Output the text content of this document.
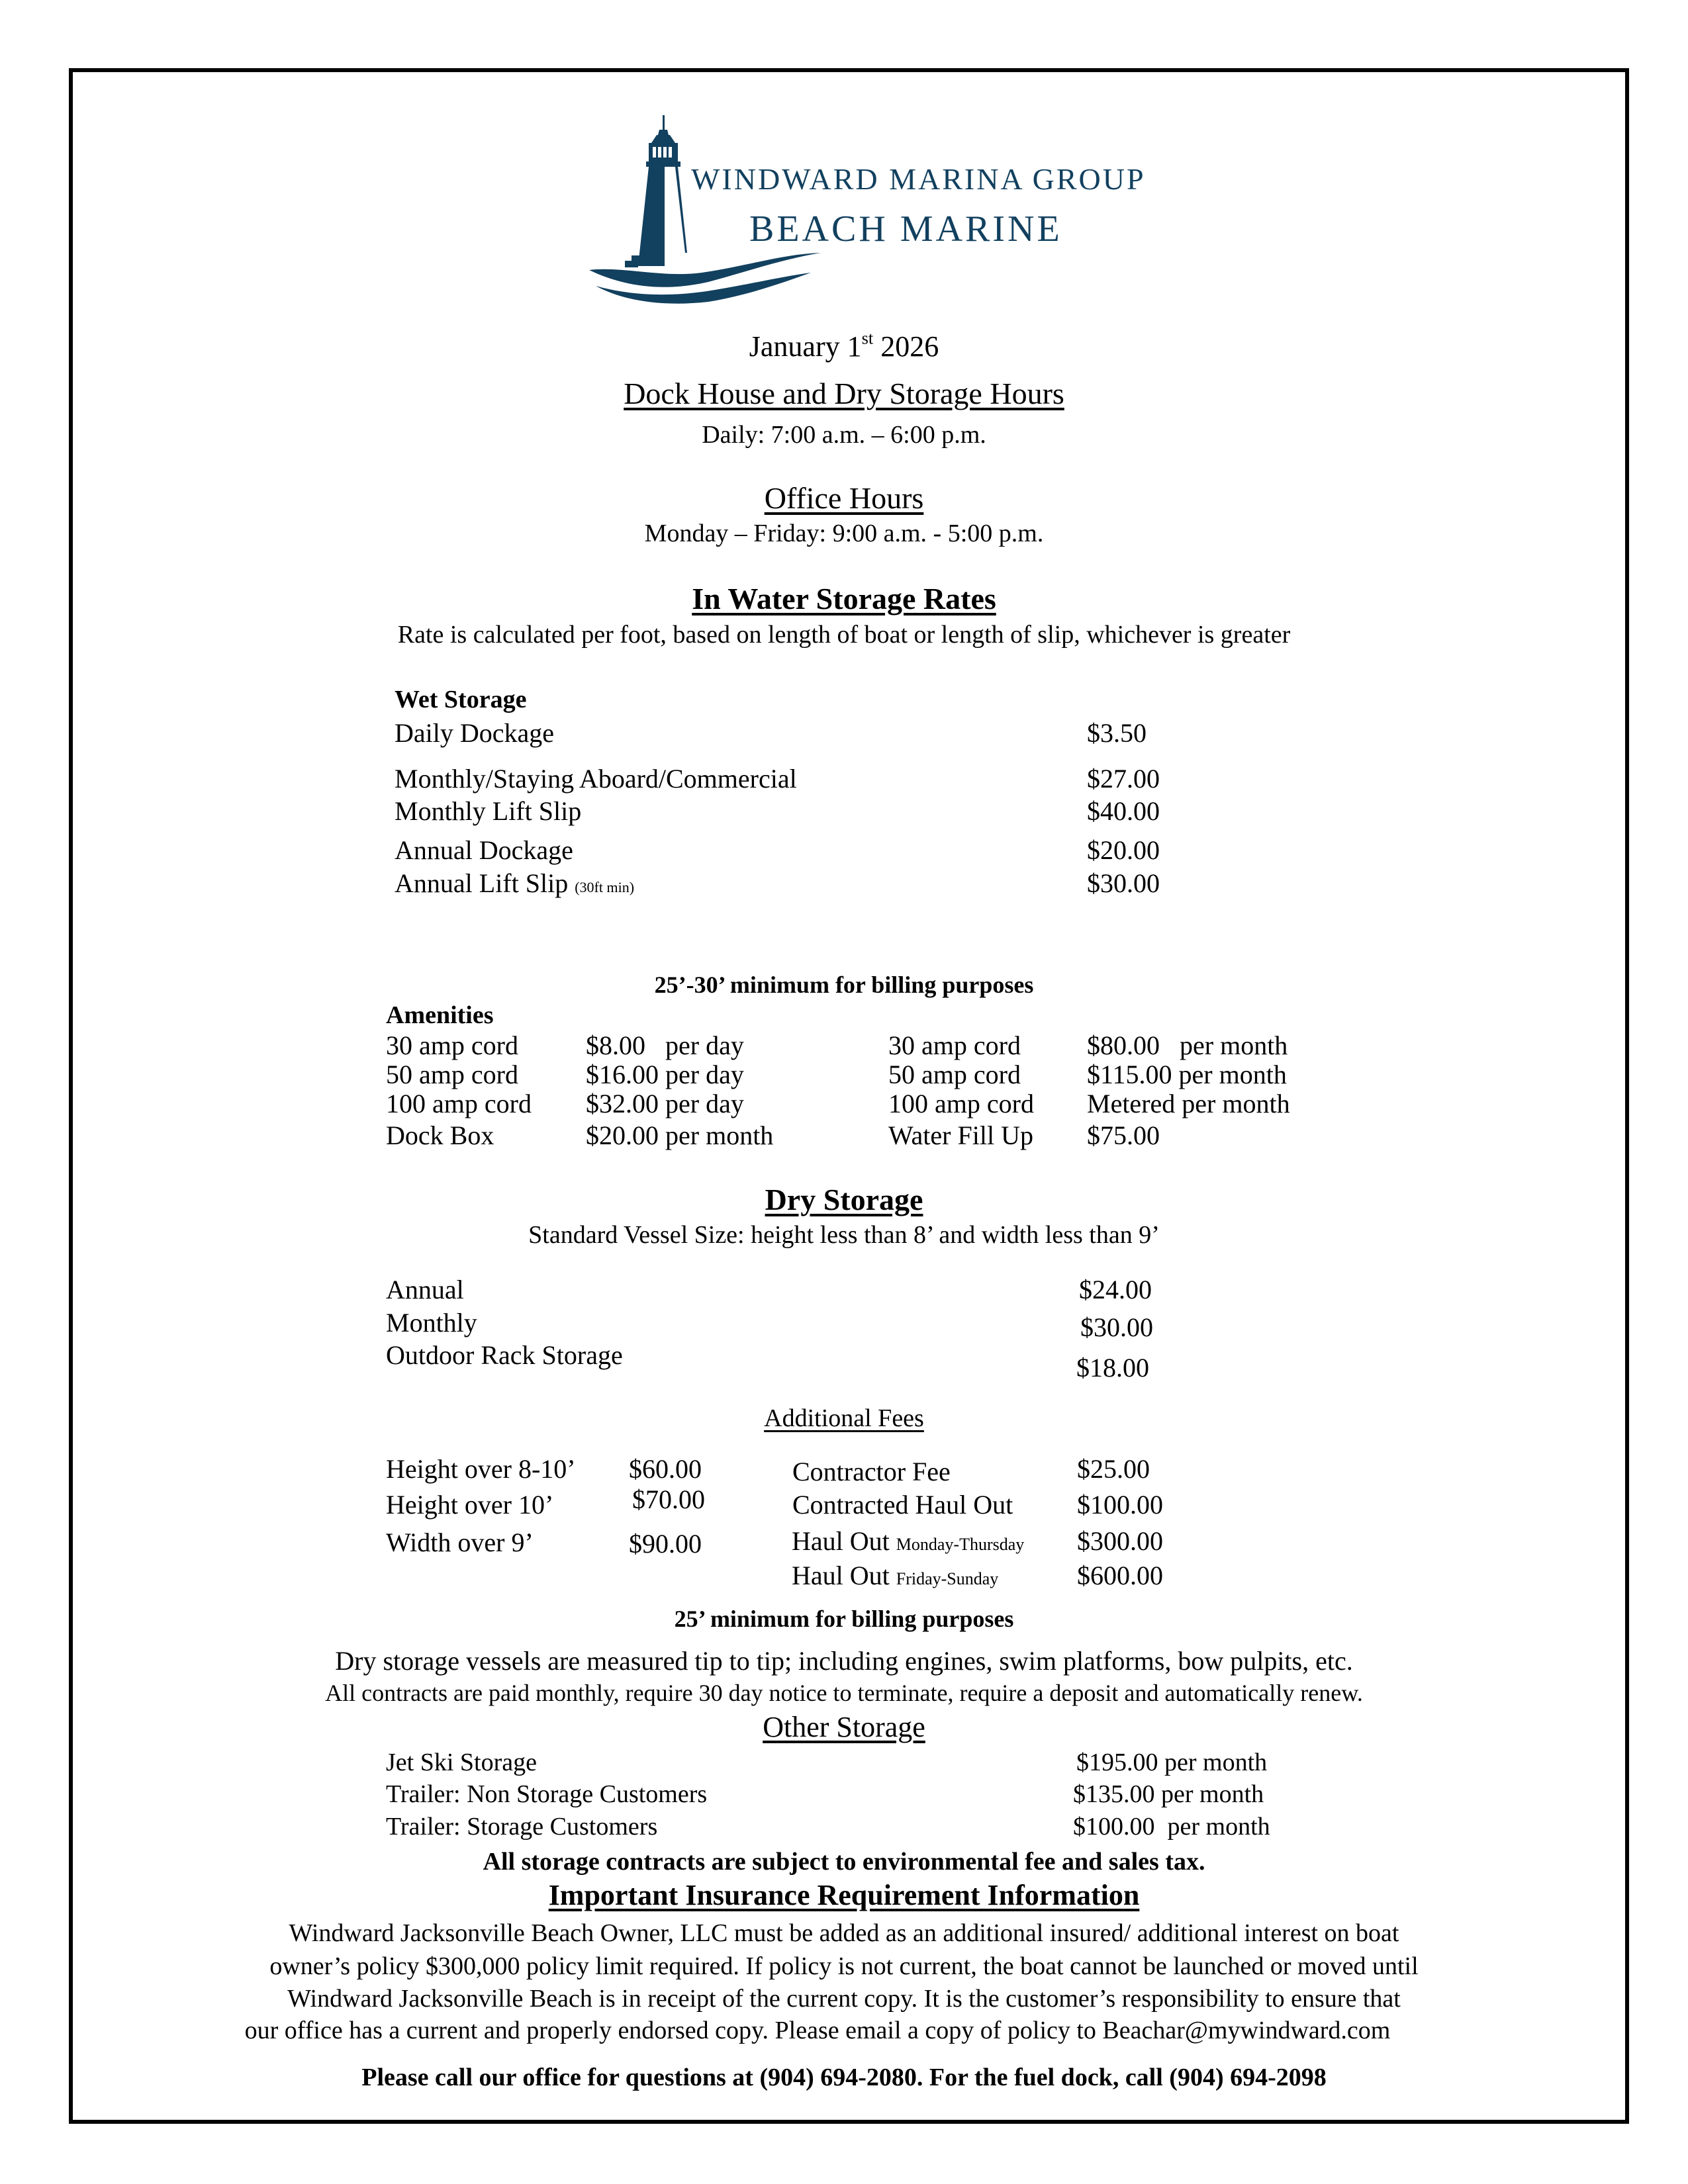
WINDWARD MARINA GROUP
BEACH MARINE
January 1st 2026
Dock House and Dry Storage Hours
Daily: 7:00 a.m. – 6:00 p.m.
Office Hours
Monday – Friday: 9:00 a.m. - 5:00 p.m.
In Water Storage Rates
Rate is calculated per foot, based on length of boat or length of slip, whichever is greater
Wet Storage
Daily Dockage	$3.50
Monthly/Staying Aboard/Commercial	$27.00
Monthly Lift Slip	$40.00
Annual Dockage	$20.00
Annual Lift Slip (30ft min)	$30.00
25’-30’ minimum for billing purposes
Amenities
30 amp cord	$8.00   per day	30 amp cord	$80.00   per month
50 amp cord	$16.00 per day	50 amp cord	$115.00 per month
100 amp cord $32.00 per day	100 amp cord Metered per month
Dock Box	$20.00 per month	Water Fill Up $75.00
Dry Storage
Standard Vessel Size: height less than 8’ and width less than 9’
Annual	$24.00
Monthly	$30.00
Outdoor Rack Storage	$18.00
Additional Fees
Height over 8-10’ $60.00
Height over 10’	$70.00
Width over 9’	$90.00
Contractor Fee	$25.00
Contracted Haul Out $100.00
Haul Out Monday-Thursday $300.00
Haul Out Friday-Sunday	$600.00
25’ minimum for billing purposes
Dry storage vessels are measured tip to tip; including engines, swim platforms, bow pulpits, etc.
All contracts are paid monthly, require 30 day notice to terminate, require a deposit and automatically renew.
Other Storage
Jet Ski Storage	$195.00 per month
Trailer: Non Storage Customers	$135.00 per month
Trailer: Storage Customers	$100.00  per month
All storage contracts are subject to environmental fee and sales tax.
Important Insurance Requirement Information
Windward Jacksonville Beach Owner, LLC must be added as an additional insured/ additional interest on boat
owner’s policy $300,000 policy limit required. If policy is not current, the boat cannot be launched or moved until
Windward Jacksonville Beach is in receipt of the current copy. It is the customer’s responsibility to ensure that
our office has a current and properly endorsed copy. Please email a copy of policy to Beachar@mywindward.com
Please call our office for questions at (904) 694-2080. For the fuel dock, call (904) 694-2098
